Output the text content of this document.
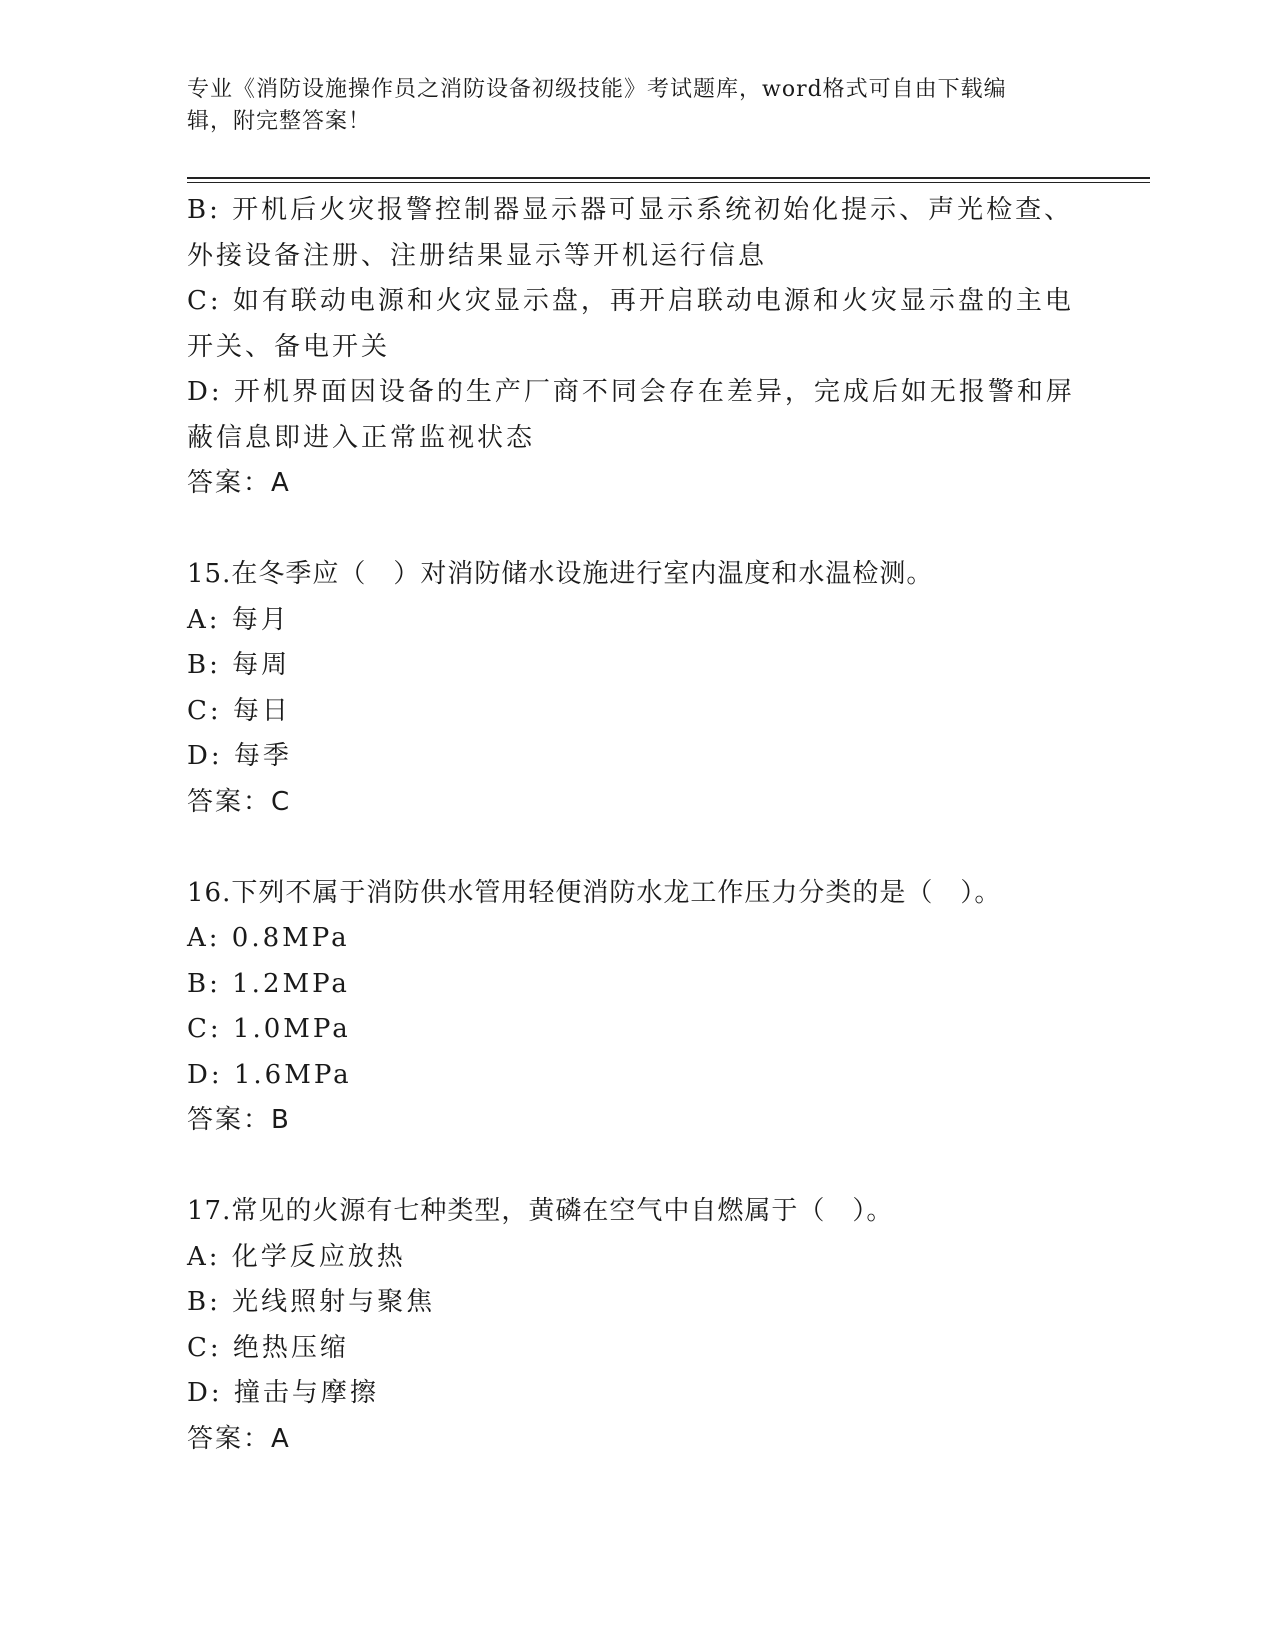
专业《消防设施操作员之消防设备初级技能》考试题库，word格式可自由下载编
辑，附完整答案！
B: 开机后火灾报警控制器显示器可显示系统初始化提示、声光检查、
外接设备注册、注册结果显示等开机运行信息
C: 如有联动电源和火灾显示盘，再开启联动电源和火灾显示盘的主电
开关、备电开关
D: 开机界面因设备的生产厂商不同会存在差异，完成后如无报警和屏
蔽信息即进入正常监视状态
答案：A
15.在冬季应（　）对消防储水设施进行室内温度和水温检测。
A: 每月
B: 每周
C: 每日
D: 每季
答案：C
16.下列不属于消防供水管用轻便消防水龙工作压力分类的是（　）。
A: 0.8MPa
B: 1.2MPa
C: 1.0MPa
D: 1.6MPa
答案：B
17.常见的火源有七种类型，黄磷在空气中自燃属于（　）。
A: 化学反应放热
B: 光线照射与聚焦
C: 绝热压缩
D: 撞击与摩擦
答案：A
